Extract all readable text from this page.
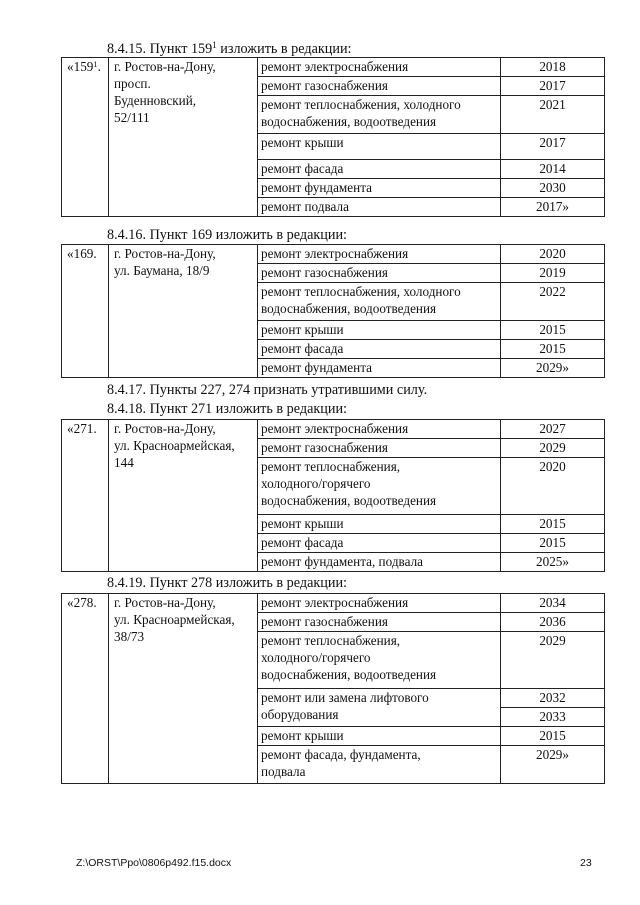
8.4.15. Пункт $159^1$ изложить в редакции:
«$159^1$.	г. Ростов-на-Дону,
просп.
Буденновский,
52/111	ремонт электроснабжения	2018

		ремонт газоснабжения	2017

		ремонт теплоснабжения, холодного
водоснабжения, водоотведения	2021

		ремонт крыши	2017

		ремонт фасада	2014

		ремонт фундамента	2030

		ремонт подвала	2017»
8.4.16. Пункт 169 изложить в редакции:
«169.	г. Ростов-на-Дону,
ул. Баумана, 18/9	ремонт электроснабжения	2020

		ремонт газоснабжения	2019

		ремонт теплоснабжения, холодного
водоснабжения, водоотведения	2022

		ремонт крыши	2015

		ремонт фасада	2015

		ремонт фундамента	2029»
8.4.17. Пункты 227, 274 признать утратившими силу.
8.4.18. Пункт 271 изложить в редакции:
«271.	г. Ростов-на-Дону,
ул. Красноармейская,
144	ремонт электроснабжения	2027

		ремонт газоснабжения	2029

		ремонт теплоснабжения,
холодного/горячего
водоснабжения, водоотведения	2020

		ремонт крыши	2015

		ремонт фасада	2015

		ремонт фундамента, подвала	2025»
8.4.19. Пункт 278 изложить в редакции:
«278.	г. Ростов-на-Дону,
ул. Красноармейская,
38/73	ремонт электроснабжения	2034

		ремонт газоснабжения	2036

		ремонт теплоснабжения,
холодного/горячего
водоснабжения, водоотведения	2029

		ремонт или замена лифтового
оборудования	2032
			2033

		ремонт крыши	2015

		ремонт фасада, фундамента,
подвала	2029»
Z:\ORST\Ppo\0806p492.f15.docx	23
